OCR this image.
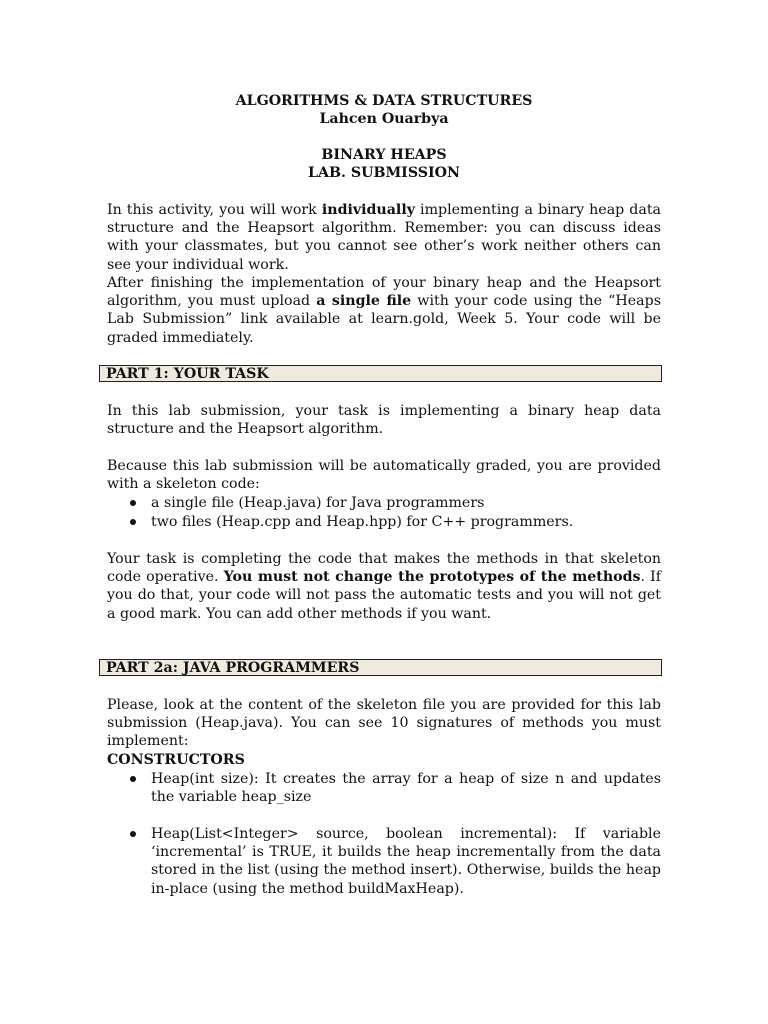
ALGORITHMS & DATA STRUCTURES
Lahcen Ouarbya
BINARY HEAPS
LAB. SUBMISSION
In this activity, you will work individually implementing a binary heap data structure and the Heapsort algorithm. Remember: you can discuss ideas with your classmates, but you cannot see other’s work neither others can see your individual work.
After finishing the implementation of your binary heap and the Heapsort algorithm, you must upload a single file with your code using the “Heaps Lab Submission” link available at learn.gold, Week 5. Your code will be graded immediately.
PART 1: YOUR TASK
In this lab submission, your task is implementing a binary heap data structure and the Heapsort algorithm.
Because this lab submission will be automatically graded, you are provided with a skeleton code:
a single file (Heap.java) for Java programmers
two files (Heap.cpp and Heap.hpp) for C++ programmers.
Your task is completing the code that makes the methods in that skeleton code operative. You must not change the prototypes of the methods. If you do that, your code will not pass the automatic tests and you will not get a good mark. You can add other methods if you want.
PART 2a: JAVA PROGRAMMERS
Please, look at the content of the skeleton file you are provided for this lab submission (Heap.java). You can see 10 signatures of methods you must implement:
CONSTRUCTORS
Heap(int size): It creates the array for a heap of size n and updates the variable heap_size
Heap(List<Integer> source, boolean incremental): If variable ‘incremental’ is TRUE, it builds the heap incrementally from the data stored in the list (using the method insert). Otherwise, builds the heap in-place (using the method buildMaxHeap).
